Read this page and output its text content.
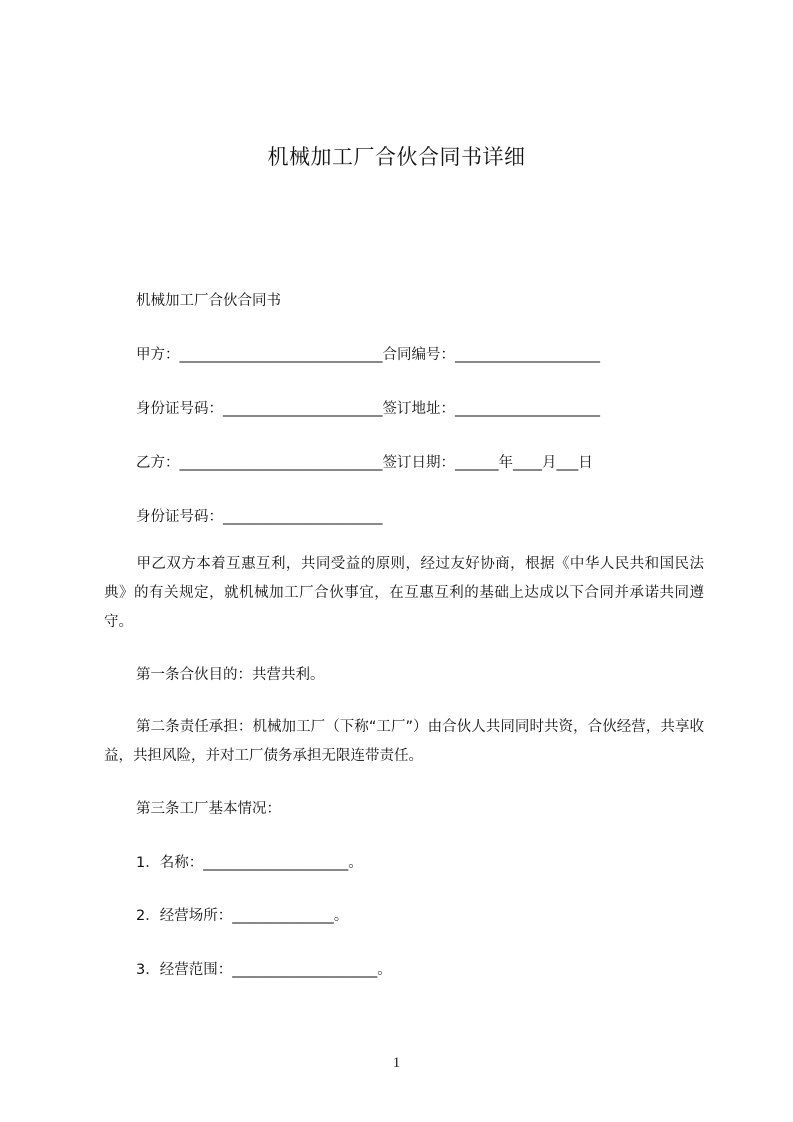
机械加工厂合伙合同书详细
机械加工厂合伙合同书
甲方：____________________________合同编号：____________________
身份证号码：______________________签订地址：____________________
乙方：____________________________签订日期：______年____月___日
身份证号码：______________________
甲乙双方本着互惠互利，共同受益的原则，经过友好协商，根据《中华人民共和国民法典》的有关规定，就机械加工厂合伙事宜，在互惠互利的基础上达成以下合同并承诺共同遵守。
第一条合伙目的：共营共利。
第二条责任承担：机械加工厂（下称“工厂”）由合伙人共同同时共资，合伙经营，共享收益，共担风险，并对工厂债务承担无限连带责任。
第三条工厂基本情况：
1．名称：____________________。
2．经营场所：______________。
3．经营范围：____________________。
1
